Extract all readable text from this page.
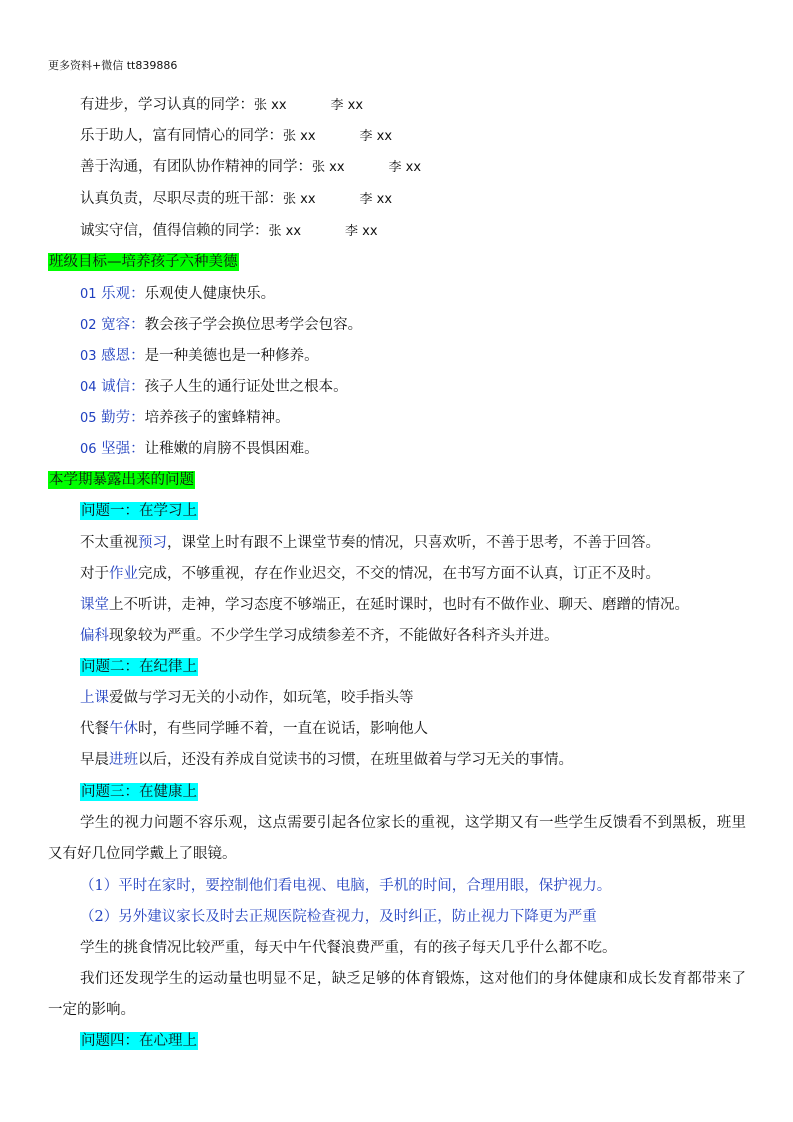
更多资料+微信 tt839886
有进步，学习认真的同学：张 xx	李 xx
乐于助人，富有同情心的同学：张 xx	李 xx
善于沟通，有团队协作精神的同学：张 xx	李 xx
认真负责，尽职尽责的班干部：张 xx	李 xx
诚实守信，值得信赖的同学：张 xx	李 xx
班级目标—培养孩子六种美德
01 乐观：乐观使人健康快乐。
02 宽容：教会孩子学会换位思考学会包容。
03 感恩：是一种美德也是一种修养。
04 诚信：孩子人生的通行证处世之根本。
05 勤劳：培养孩子的蜜蜂精神。
06 坚强：让稚嫩的肩膀不畏惧困难。
本学期暴露出来的问题
问题一：在学习上
不太重视预习，课堂上时有跟不上课堂节奏的情况，只喜欢听，不善于思考，不善于回答。
对于作业完成，不够重视，存在作业迟交，不交的情况，在书写方面不认真，订正不及时。
课堂上不听讲，走神，学习态度不够端正，在延时课时，也时有不做作业、聊天、磨蹭的情况。
偏科现象较为严重。不少学生学习成绩参差不齐，不能做好各科齐头并进。
问题二：在纪律上
上课爱做与学习无关的小动作，如玩笔，咬手指头等
代餐午休时，有些同学睡不着，一直在说话，影响他人
早晨进班以后，还没有养成自觉读书的习惯，在班里做着与学习无关的事情。
问题三：在健康上
学生的视力问题不容乐观，这点需要引起各位家长的重视，这学期又有一些学生反馈看不到黑板，班里又有好几位同学戴上了眼镜。
（1）平时在家时，要控制他们看电视、电脑，手机的时间，合理用眼，保护视力。
（2）另外建议家长及时去正规医院检查视力，及时纠正，防止视力下降更为严重
学生的挑食情况比较严重，每天中午代餐浪费严重，有的孩子每天几乎什么都不吃。
我们还发现学生的运动量也明显不足，缺乏足够的体育锻炼，这对他们的身体健康和成长发育都带来了一定的影响。
问题四：在心理上
